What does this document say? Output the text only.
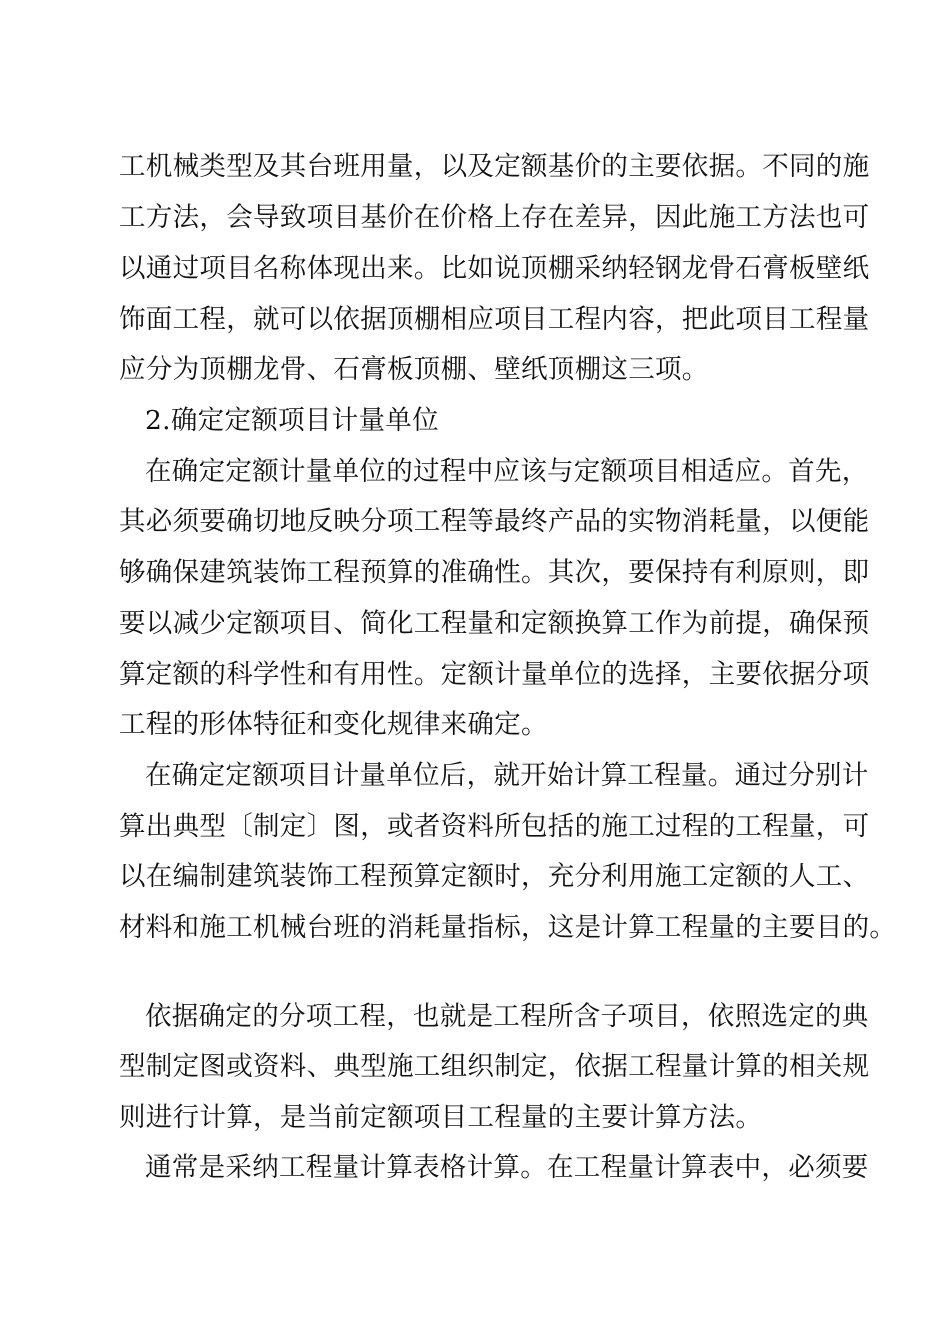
工机械类型及其台班用量，以及定额基价的主要依据。不同的施
工方法，会导致项目基价在价格上存在差异，因此施工方法也可
以通过项目名称体现出来。比如说顶棚采纳轻钢龙骨石膏板壁纸
饰面工程，就可以依据顶棚相应项目工程内容，把此项目工程量
应分为顶棚龙骨、石膏板顶棚、壁纸顶棚这三项。
2.确定定额项目计量单位
在确定定额计量单位的过程中应该与定额项目相适应。首先，
其必须要确切地反映分项工程等最终产品的实物消耗量，以便能
够确保建筑装饰工程预算的准确性。其次，要保持有利原则，即
要以减少定额项目、简化工程量和定额换算工作为前提，确保预
算定额的科学性和有用性。定额计量单位的选择，主要依据分项
工程的形体特征和变化规律来确定。
在确定定额项目计量单位后，就开始计算工程量。通过分别计
算出典型〔制定〕图，或者资料所包括的施工过程的工程量，可
以在编制建筑装饰工程预算定额时，充分利用施工定额的人工、
材料和施工机械台班的消耗量指标，这是计算工程量的主要目的。
依据确定的分项工程，也就是工程所含子项目，依照选定的典
型制定图或资料、典型施工组织制定，依据工程量计算的相关规
则进行计算，是当前定额项目工程量的主要计算方法。
通常是采纳工程量计算表格计算。在工程量计算表中，必须要
